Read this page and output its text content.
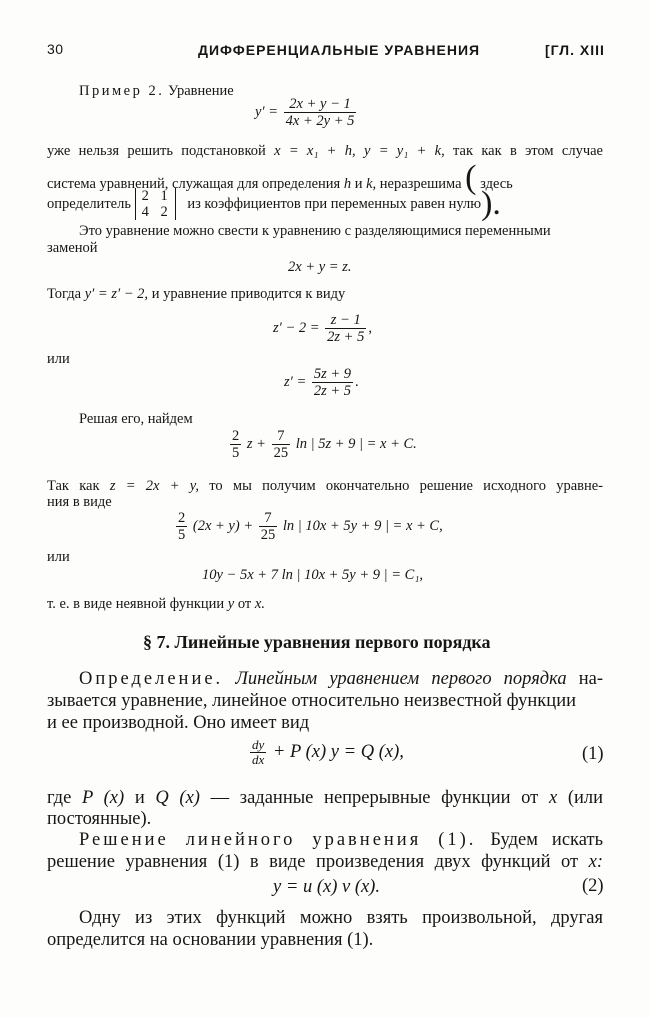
30	ДИФФЕРЕНЦИАЛЬНЫЕ УРАВНЕНИЯ	[ГЛ. XIII
Пример 2. Уравнение
$y' = \frac{2x + y - 1}{4x + 2y + 5}$
уже нельзя решить подстановкой x = x₁ + h, y = y₁ + k, так как в этом случае
система уравнений, служащая для определения h и k, неразрешима ( здесь
определитель 2 1
4 2 из коэффициентов при переменных равен нулю).
Это уравнение можно свести к уравнению с разделяющимися переменными
заменой
2x + y = z.
Тогда y′ = z′ − 2, и уравнение приводится к виду
$z' - 2 = \frac{z - 1}{2z + 5}$ ,
или
$z' = \frac{5z + 9}{2z + 5}$ .
Решая его, найдем
$\frac{2}{5}$ $z + \frac{7}{25}$ ln | 5z + 9 | = x + C.
Так как z = 2x + y, то мы получим окончательно решение исходного уравне-
ния в виде
$\frac{2}{5} (2x + y) + \frac{7}{25}$ ln | 10x + 5y + 9 | = x + C,
или
10y − 5x + 7 ln | 10x + 5y + 9 | = C₁,
т. е. в виде неявной функции y от x.
§ 7. Линейные уравнения первого порядка
Определение. Линейным уравнением первого порядка на-
зывается уравнение, линейное относительно неизвестной функции
и ее производной. Оно имеет вид
$\frac{dy}{dx} + P$ (x) y = Q (x),	(1)
где P (x) и Q (x) — заданные непрерывные функции от x (или
постоянные).
Решение линейного уравнения (1). Будем искать
решение уравнения (1) в виде произведения двух функций от x:
y = u (x) v (x).	(2)
Одну из этих функций можно взять произвольной, другая
определится на основании уравнения (1).
